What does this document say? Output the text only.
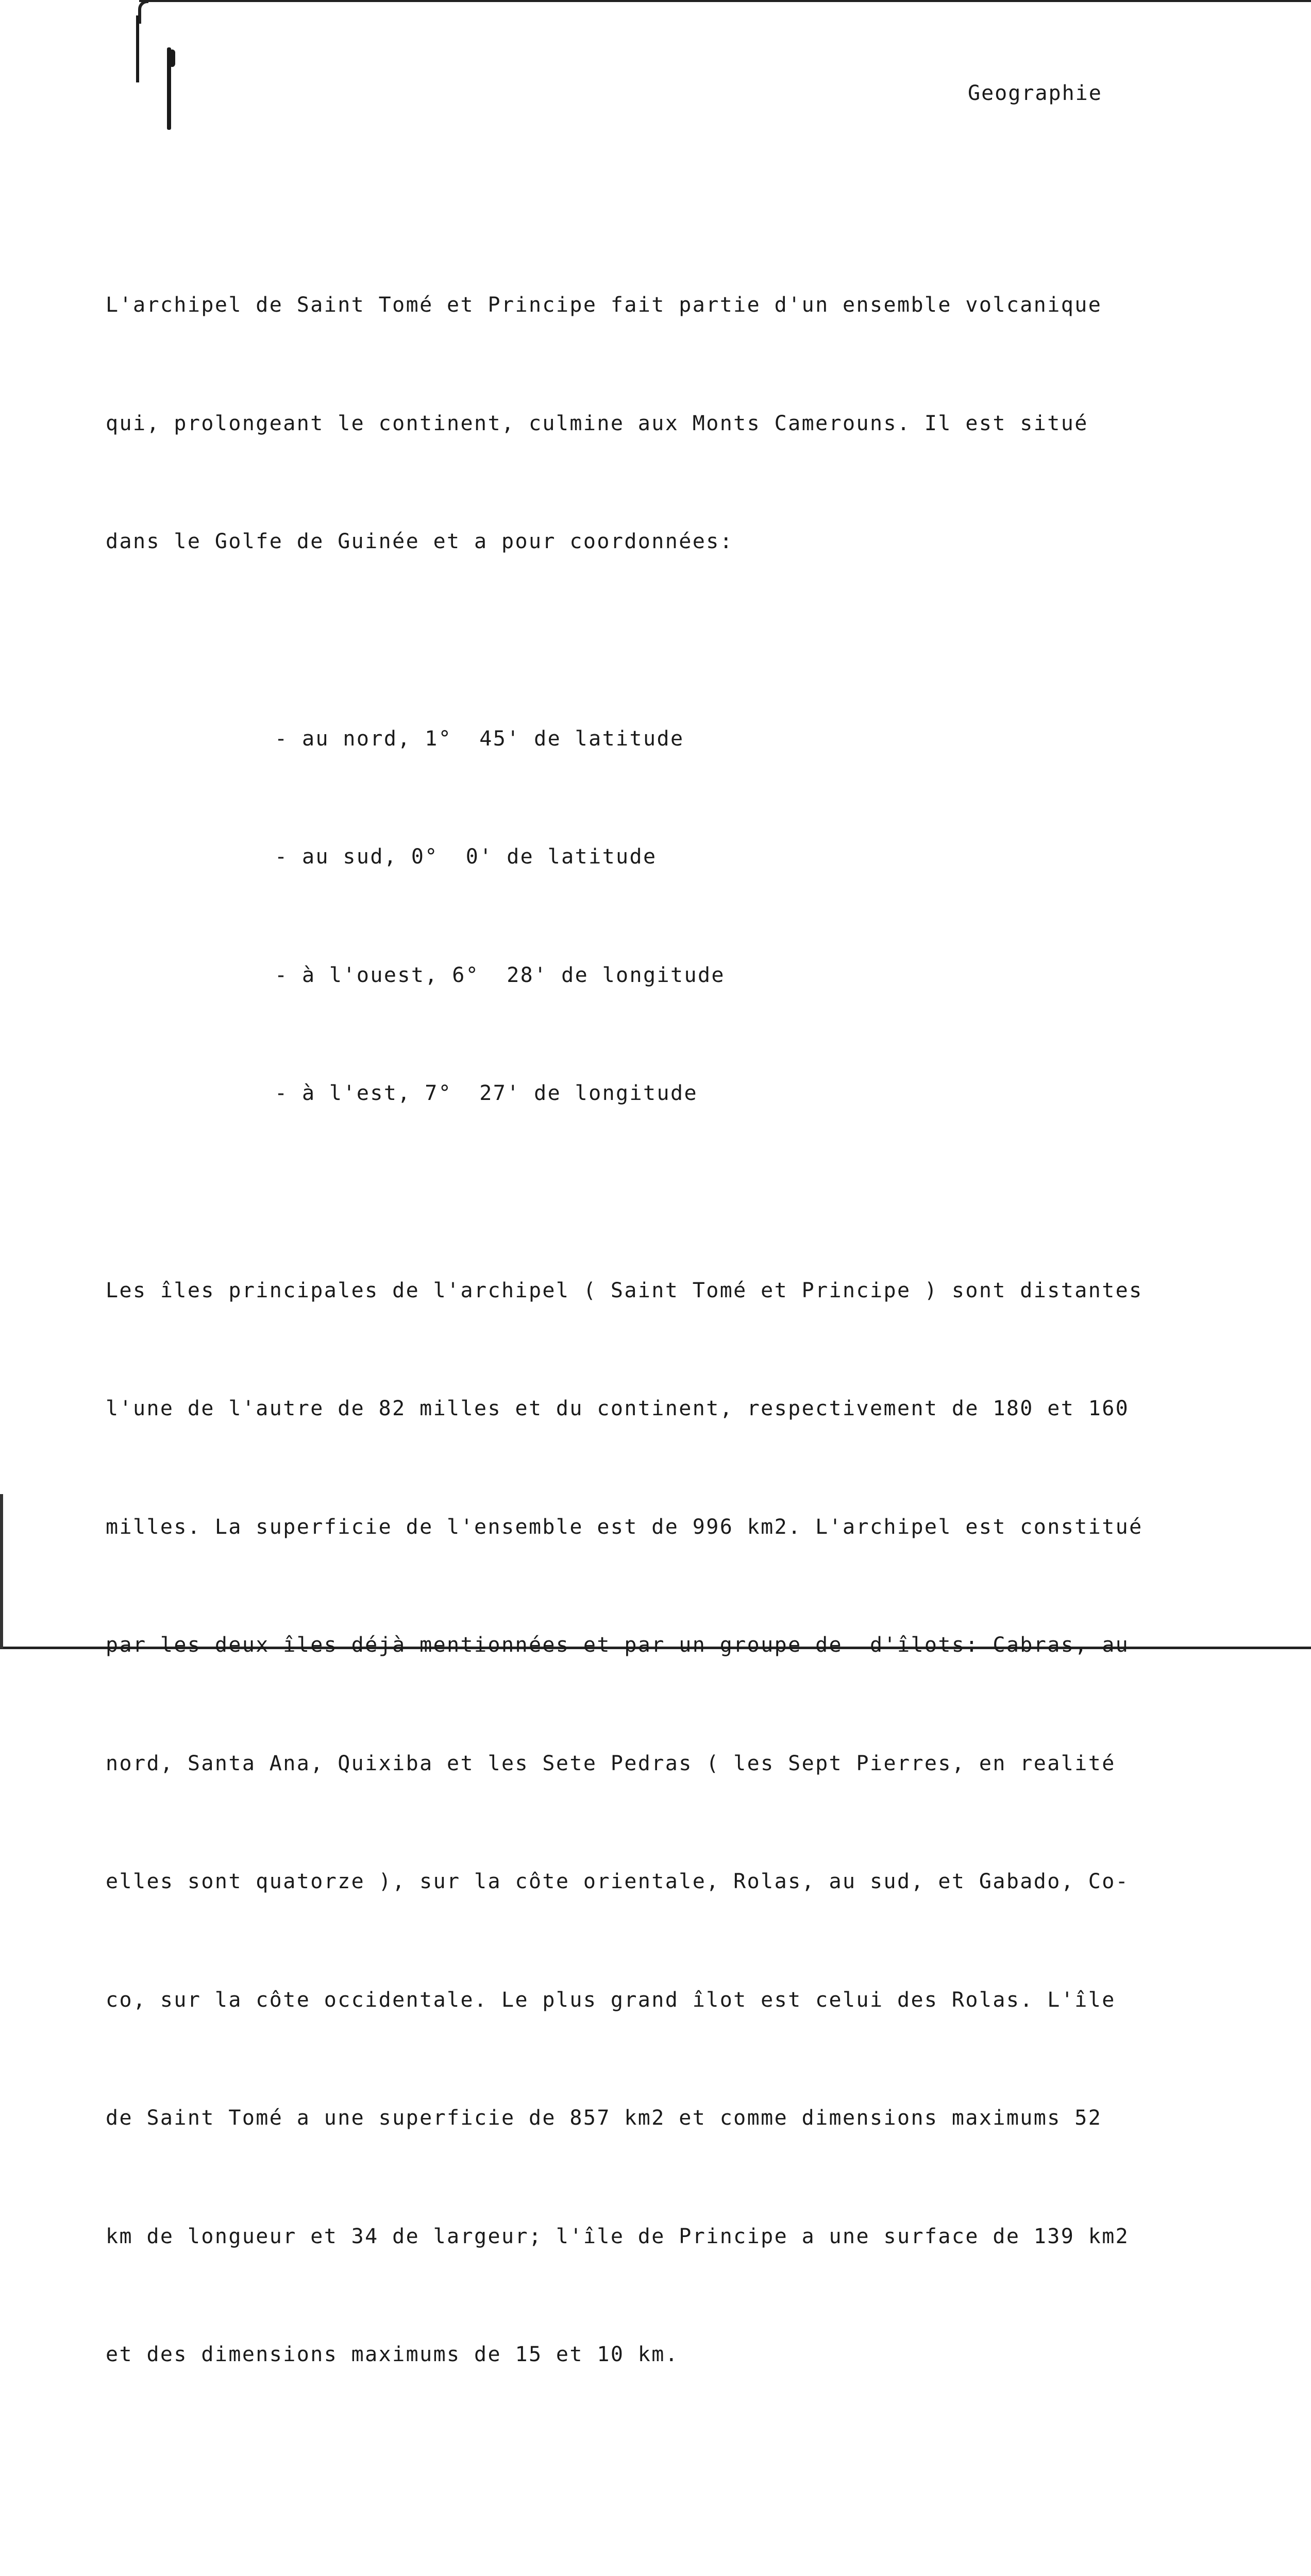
Geographie

L'archipel de Saint Tomé et Principe fait partie d'un ensemble volcanique

qui, prolongeant le continent, culmine aux Monts Camerouns. Il est situé

dans le Golfe de Guinée et a pour coordonnées:

- au nord, 1°  45' de latitude

- au sud, 0°  0' de latitude

- à l'ouest, 6°  28' de longitude

- à l'est, 7°  27' de longitude

Les îles principales de l'archipel ( Saint Tomé et Principe ) sont distantes

l'une de l'autre de 82 milles et du continent, respectivement de 180 et 160

milles. La superficie de l'ensemble est de 996 km2. L'archipel est constitué

par les deux îles déjà mentionnées et par un groupe de  d'îlots: Cabras, au

nord, Santa Ana, Quixiba et les Sete Pedras ( les Sept Pierres, en realité

elles sont quatorze ), sur la côte orientale, Rolas, au sud, et Gabado, Co-

co, sur la côte occidentale. Le plus grand îlot est celui des Rolas. L'île

de Saint Tomé a une superficie de 857 km2 et comme dimensions maximums 52

km de longueur et 34 de largeur; l'île de Principe a une surface de 139 km2

et des dimensions maximums de 15 et 10 km.
